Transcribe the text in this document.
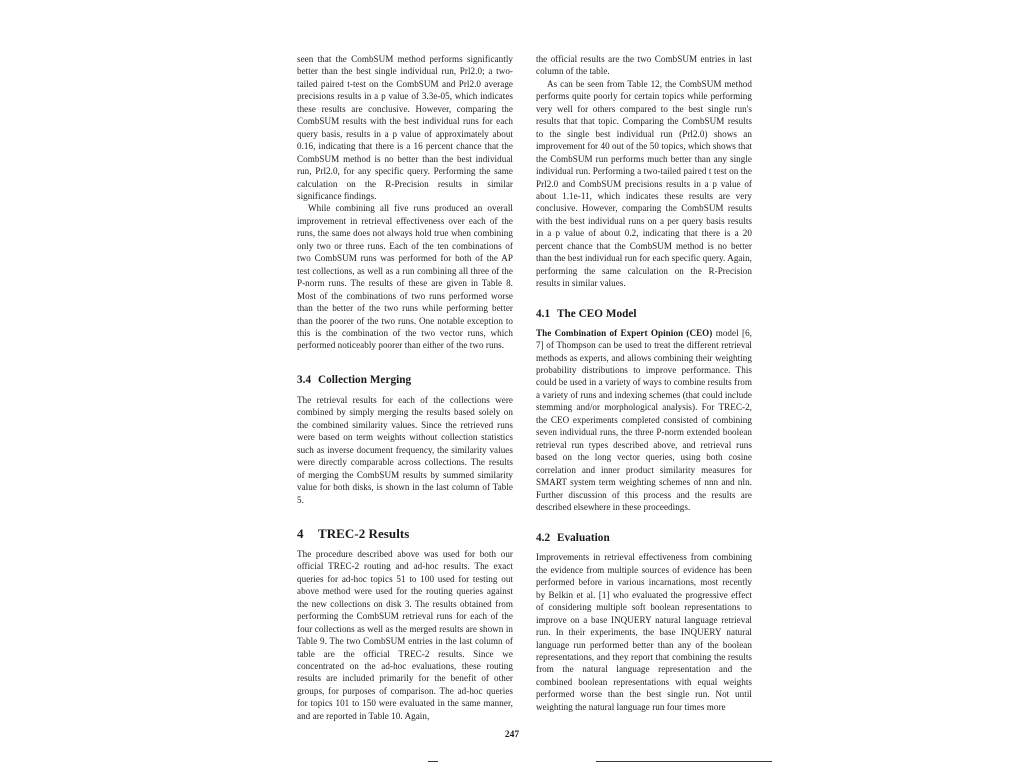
seen that the CombSUM method performs significantly better than the best single individual run, Prl2.0; a two-tailed paired t-test on the CombSUM and Prl2.0 average precisions results in a p value of 3.3e-05, which indicates these results are conclusive. However, comparing the CombSUM results with the best individual runs for each query basis, results in a p value of approximately about 0.16, indicating that there is a 16 percent chance that the CombSUM method is no better than the best individual run, Prl2.0, for any specific query. Performing the same calculation on the R-Precision results in similar significance findings.

While combining all five runs produced an overall improvement in retrieval effectiveness over each of the runs, the same does not always hold true when combining only two or three runs. Each of the ten combinations of two CombSUM runs was performed for both of the AP test collections, as well as a run combining all three of the P-norm runs. The results of these are given in Table 8. Most of the combinations of two runs performed worse than the better of the two runs while performing better than the poorer of the two runs. One notable exception to this is the combination of the two vector runs, which performed noticeably poorer than either of the two runs.

3.4 Collection Merging

The retrieval results for each of the collections were combined by simply merging the results based solely on the combined similarity values. Since the retrieved runs were based on term weights without collection statistics such as inverse document frequency, the similarity values were directly comparable across collections. The results of merging the CombSUM results by summed similarity value for both disks, is shown in the last column of Table 5.

4 TREC-2 Results

The procedure described above was used for both our official TREC-2 routing and ad-hoc results. The exact queries for ad-hoc topics 51 to 100 used for testing out above method were used for the routing queries against the new collections on disk 3. The results obtained from performing the CombSUM retrieval runs for each of the four collections as well as the merged results are shown in Table 9. The two CombSUM entries in the last column of table are the official TREC-2 results. Since we concentrated on the ad-hoc evaluations, these routing results are included primarily for the benefit of other groups, for purposes of comparison. The ad-hoc queries for topics 101 to 150 were evaluated in the same manner, and are reported in Table 10. Again,

the official results are the two CombSUM entries in last column of the table.

As can be seen from Table 12, the CombSUM method performs quite poorly for certain topics while performing very well for others compared to the best single run's results that that topic. Comparing the CombSUM results to the single best individual run (Prl2.0) shows an improvement for 40 out of the 50 topics, which shows that the CombSUM run performs much better than any single individual run. Performing a two-tailed paired t test on the Prl2.0 and CombSUM precisions results in a p value of about 1.1e-11, which indicates these results are very conclusive. However, comparing the CombSUM results with the best individual runs on a per query basis results in a p value of about 0.2, indicating that there is a 20 percent chance that the CombSUM method is no better than the best individual run for each specific query. Again, performing the same calculation on the R-Precision results in similar values.

4.1 The CEO Model

The Combination of Expert Opinion (CEO) model [6, 7] of Thompson can be used to treat the different retrieval methods as experts, and allows combining their weighting probability distributions to improve performance. This could be used in a variety of ways to combine results from a variety of runs and indexing schemes (that could include stemming and/or morphological analysis). For TREC-2, the CEO experiments completed consisted of combining seven individual runs, the three P-norm extended boolean retrieval run types described above, and retrieval runs based on the long vector queries, using both cosine correlation and inner product similarity measures for SMART system term weighting schemes of nnn and nln. Further discussion of this process and the results are described elsewhere in these proceedings.

4.2 Evaluation

Improvements in retrieval effectiveness from combining the evidence from multiple sources of evidence has been performed before in various incarnations, most recently by Belkin et al. [1] who evaluated the progressive effect of considering multiple soft boolean representations to improve on a base INQUERY natural language retrieval run. In their experiments, the base INQUERY natural language run performed better than any of the boolean representations, and they report that combining the results from the natural language representation and the combined boolean representations with equal weights performed worse than the best single run. Not until weighting the natural language run four times more

247
